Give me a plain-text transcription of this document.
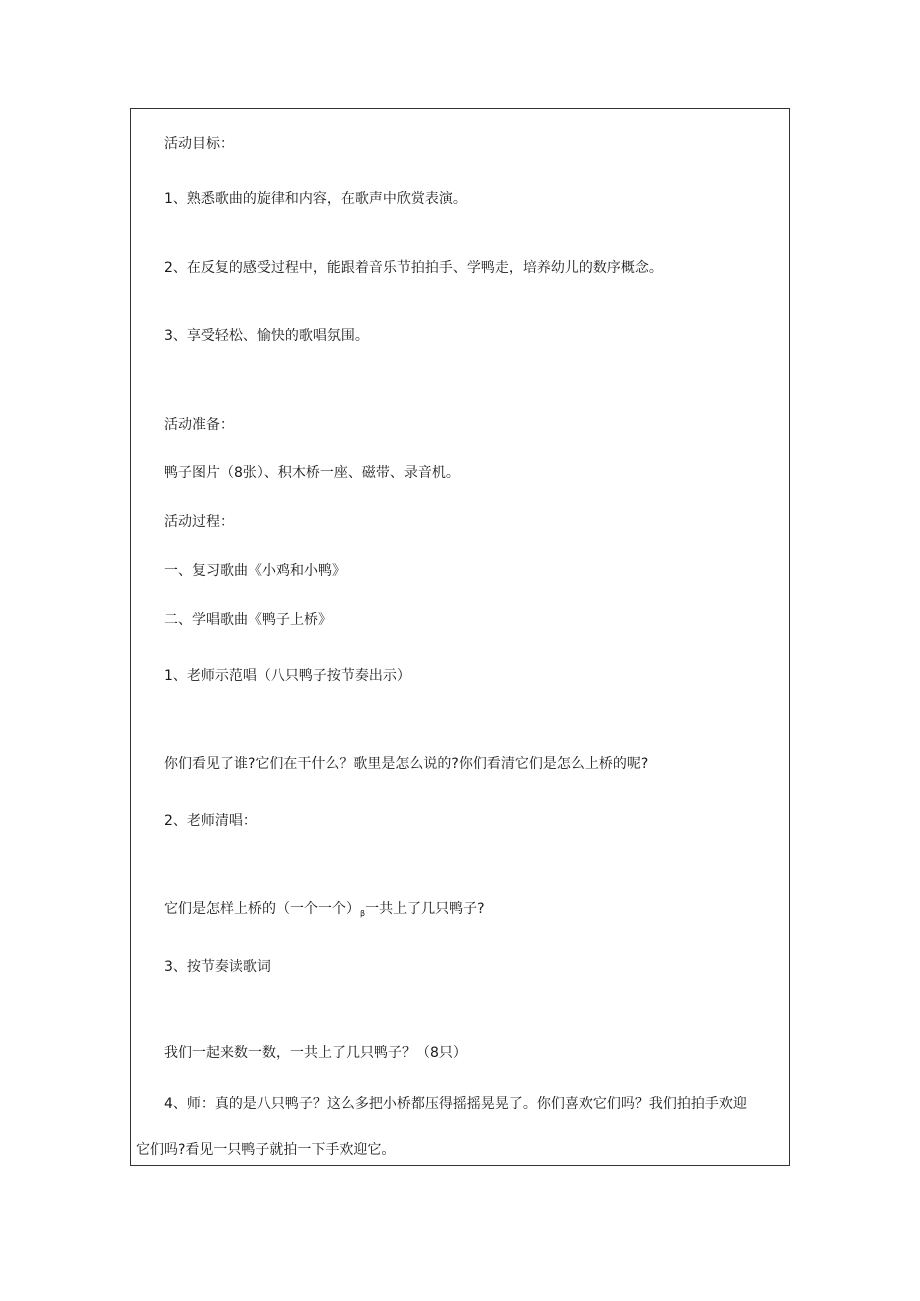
活动目标：
1、熟悉歌曲的旋律和内容，在歌声中欣赏表演。
2、在反复的感受过程中，能跟着音乐节拍拍手、学鸭走，培养幼儿的数序概念。
3、享受轻松、愉快的歌唱氛围。
活动准备：
鸭子图片（8张）、积木桥一座、磁带、录音机。
活动过程：
一、复习歌曲《小鸡和小鸭》
二、学唱歌曲《鸭子上桥》
1、老师示范唱（八只鸭子按节奏出示）
你们看见了谁?它们在干什么？歌里是怎么说的?你们看清它们是怎么上桥的呢?
2、老师清唱：
它们是怎样上桥的（一个一个）$_\beta$一共上了几只鸭子?
3、按节奏读歌词
我们一起来数一数，一共上了几只鸭子？（8只）
4、师：真的是八只鸭子？这么多把小桥都压得摇摇晃晃了。你们喜欢它们吗？我们拍拍手欢迎
它们吗?看见一只鸭子就拍一下手欢迎它。
